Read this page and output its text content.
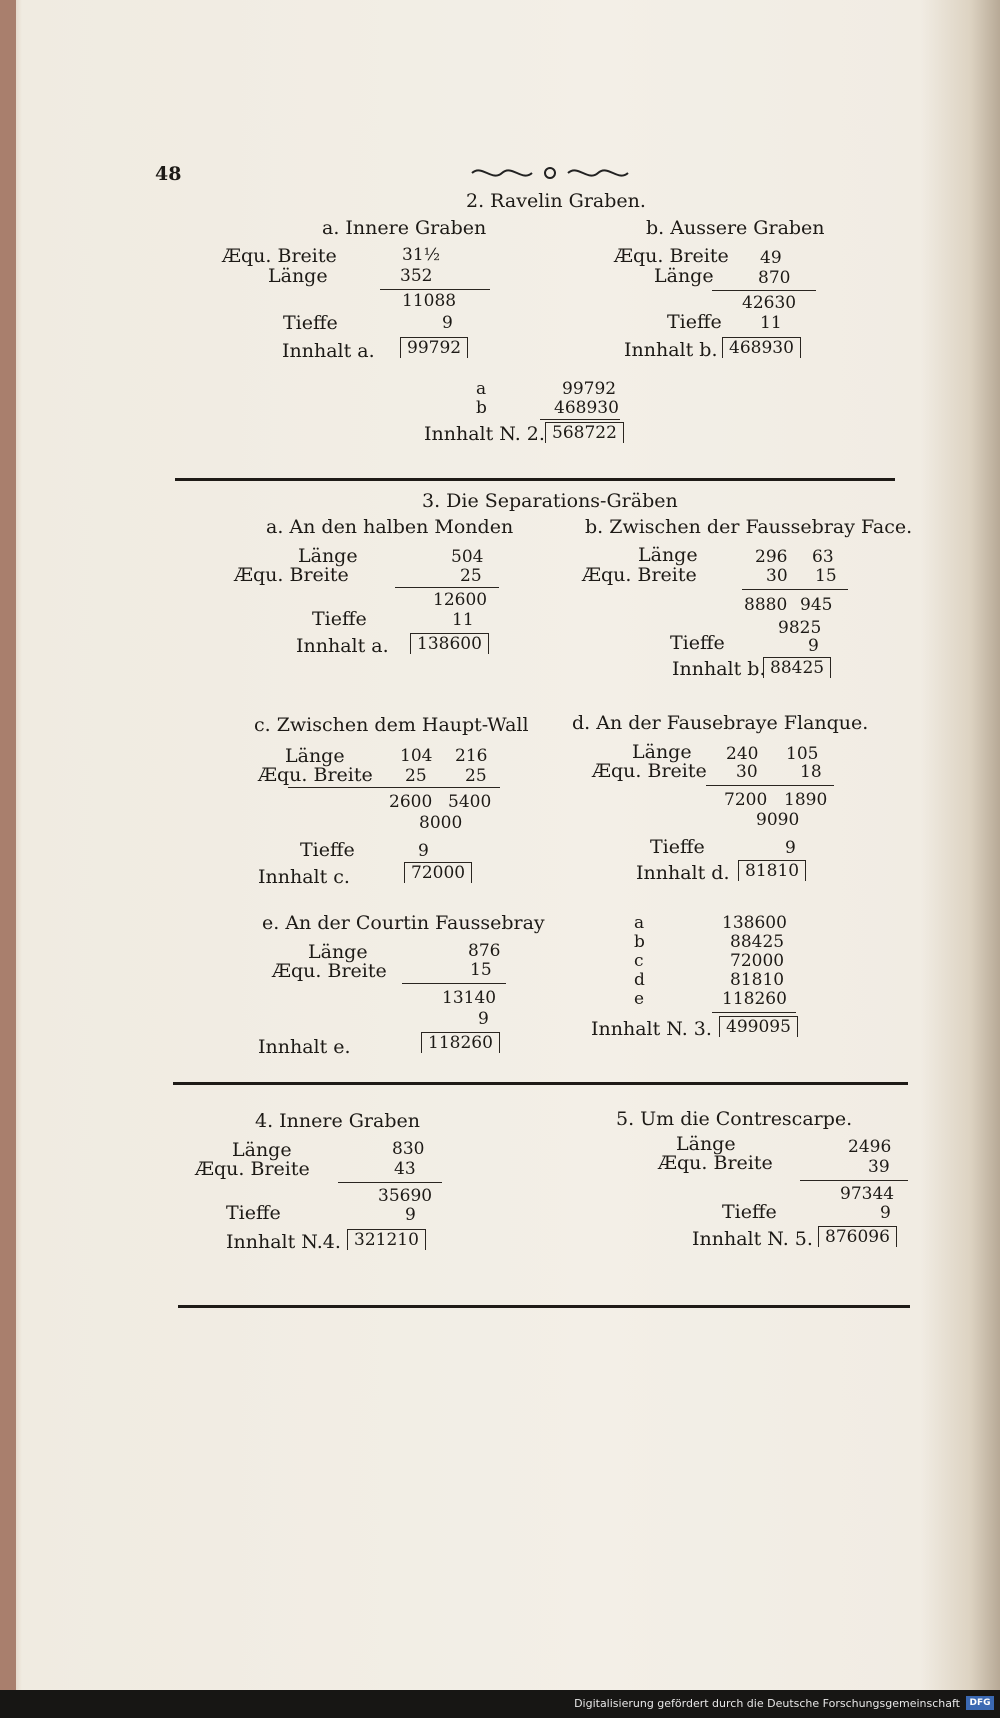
48
2. Ravelin Graben.
a. Innere Graben
Æqu. Breite	31½
Länge	352
11088
Tieffe	9
Innhalt a.	99792
b. Aussere Graben
Æqu. Breite 49
Länge	870
42630
Tieffe 11
Innhalt b. 468930
a	99792
b	468930
Innhalt N. 2. 568722
3. Die Separations-Gräben
a. An den halben Monden
Länge	504
Æqu. Breite	25
12600
Tieffe	11
Innhalt a.	138600
b. Zwischen der Faussebray Face.
Länge	296 63
Æqu. Breite	30 15
8880 945
9825
Tieffe	9
Innhalt b. 88425
c. Zwischen dem Haupt-Wall
Länge	104 216
Æqu. Breite 25 25
2600 5400
8000
Tieffe	9
Innhalt c.	72000
d. An der Fausebraye Flanque.
Länge 240 105
Æqu. Breite 30 18
7200 1890
9090
Tieffe	9
Innhalt d. 81810
e. An der Courtin Faussebray
Länge	876
Æqu. Breite	15
13140
9
Innhalt e.	118260
a	138600
b	88425
c	72000
d	81810
e	118260
Innhalt N. 3. 499095
4. Innere Graben
Länge	830
Æqu. Breite	43
35690
Tieffe	9
Innhalt N.4. 321210
5. Um die Contrescarpe.
Länge	2496
Æqu. Breite	39
97344
Tieffe	9
Innhalt N. 5. 876096
Digitalisierung gefördert durch die Deutsche Forschungsgemeinschaft	DFG
